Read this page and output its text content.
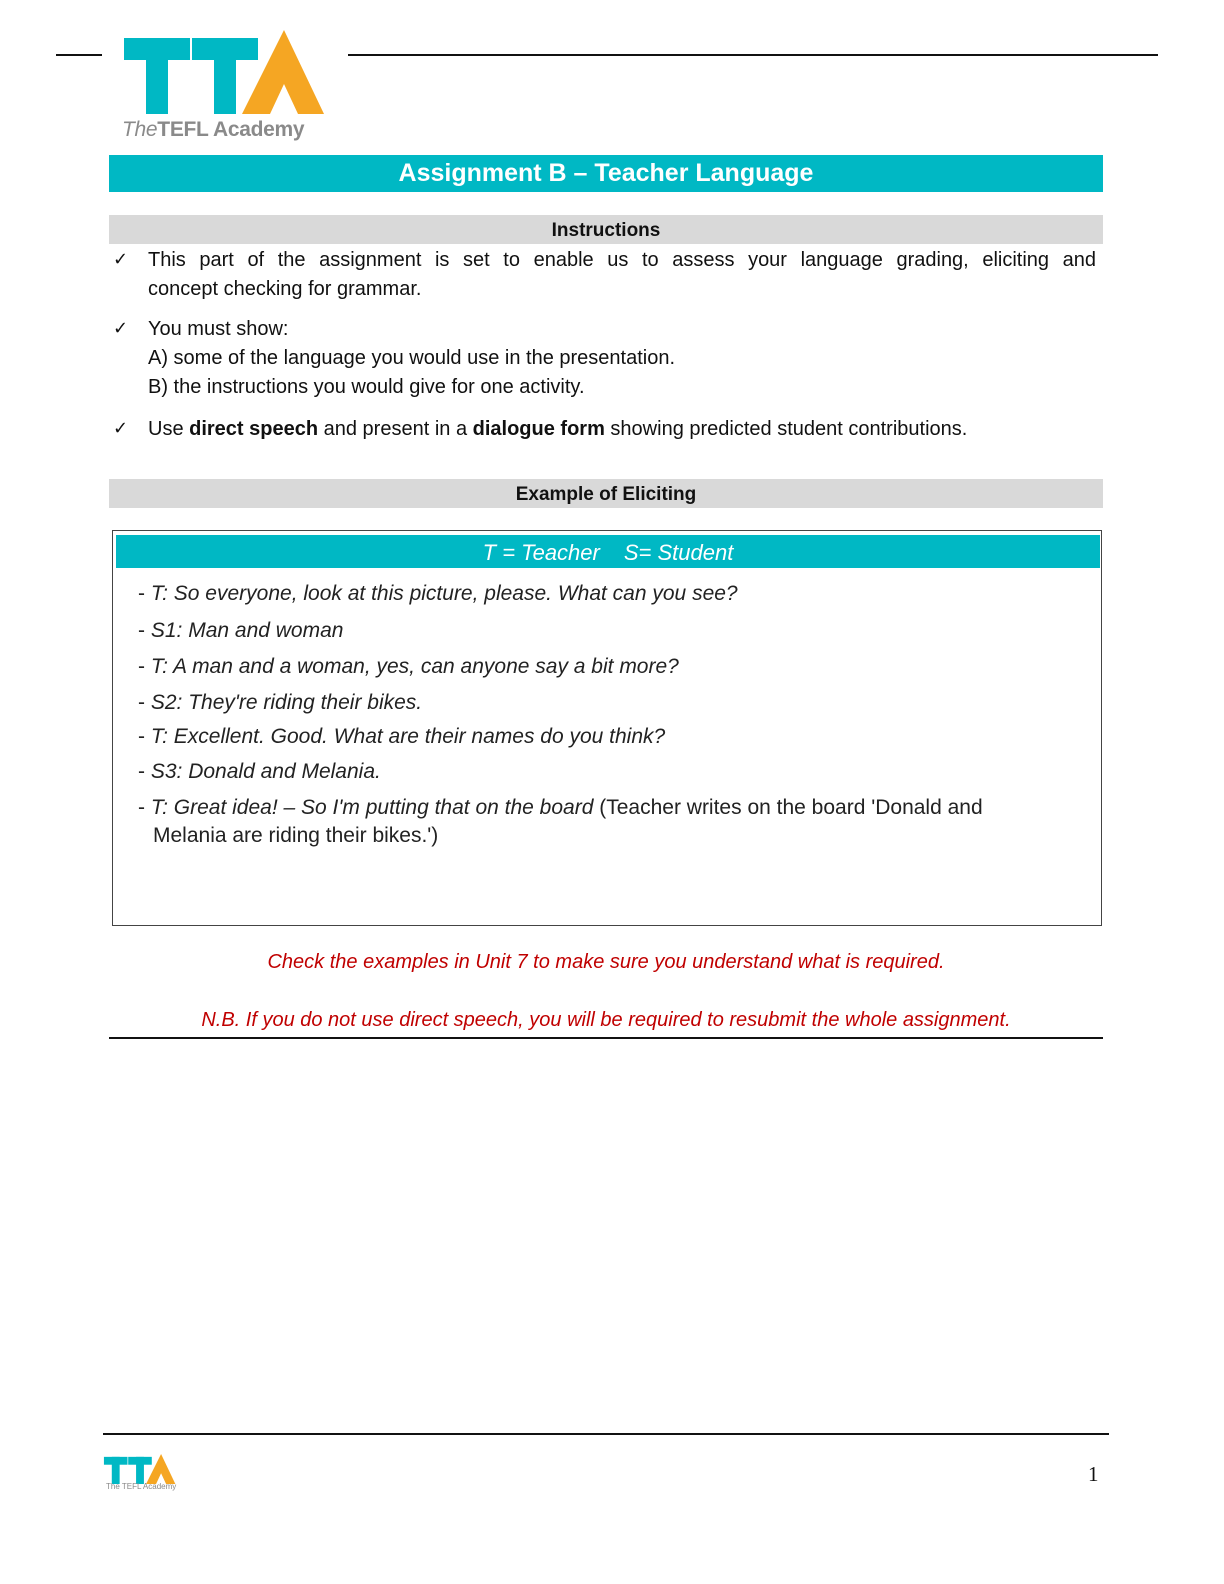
TheTEFL Academy
Assignment B – Teacher Language
Instructions
✓ This part of the assignment is set to enable us to assess your language grading, eliciting and
concept checking for grammar.
✓ You must show:
A) some of the language you would use in the presentation.
B) the instructions you would give for one activity.
✓ Use direct speech and present in a dialogue form showing predicted student contributions.
Example of Eliciting
T = Teacher S= Student
- T: So everyone, look at this picture, please. What can you see?
- S1: Man and woman
- T: A man and a woman, yes, can anyone say a bit more?
- S2: They're riding their bikes.
- T: Excellent. Good. What are their names do you think?
- S3: Donald and Melania.
- T: Great idea! – So I'm putting that on the board (Teacher writes on the board 'Donald and
Melania are riding their bikes.')
Check the examples in Unit 7 to make sure you understand what is required.
N.B. If you do not use direct speech, you will be required to resubmit the whole assignment.
The TEFL Academy
1
